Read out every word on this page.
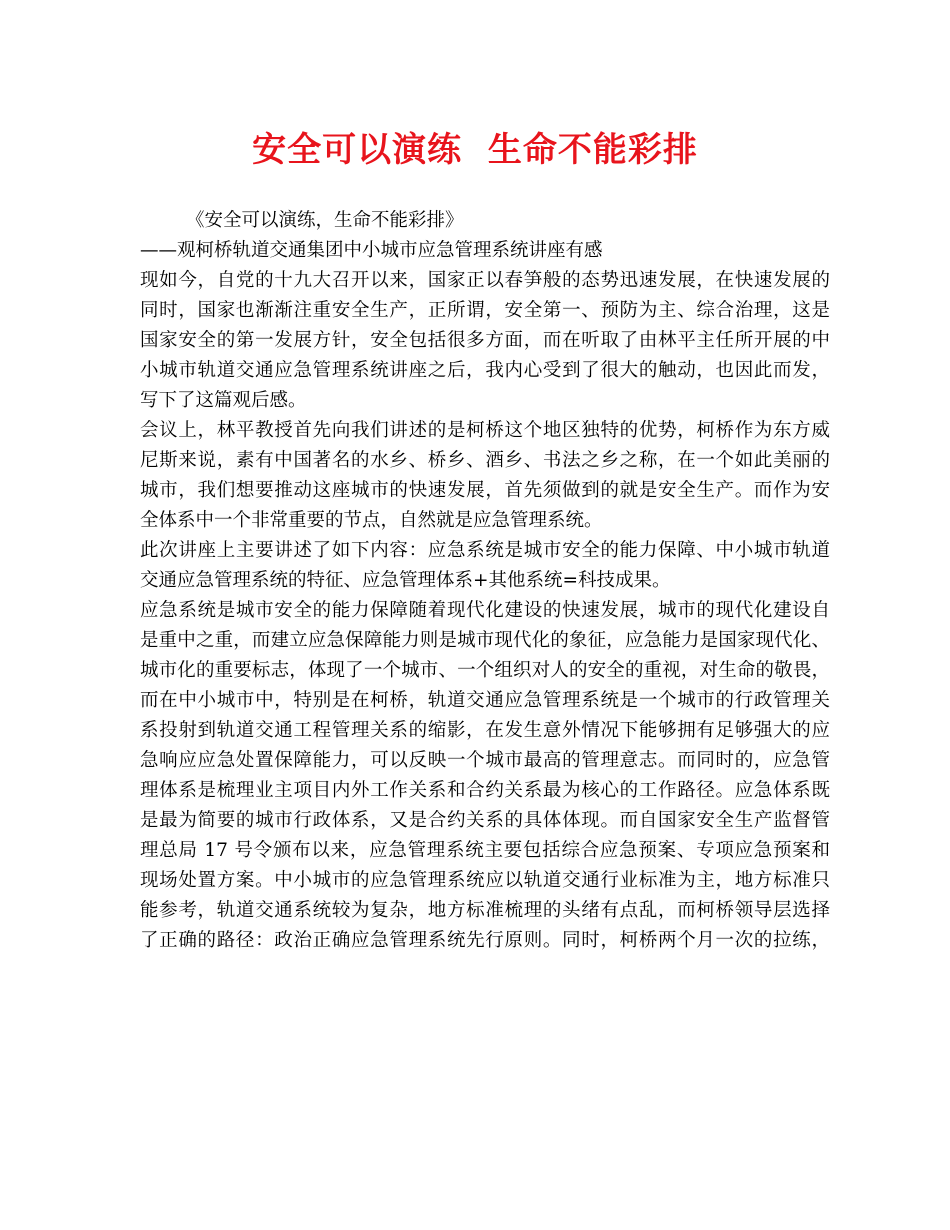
安全可以演练  生命不能彩排
《安全可以演练，生命不能彩排》
——观柯桥轨道交通集团中小城市应急管理系统讲座有感
现如今，自党的十九大召开以来，国家正以春笋般的态势迅速发展，在快速发展的
同时，国家也渐渐注重安全生产，正所谓，安全第一、预防为主、综合治理，这是
国家安全的第一发展方针，安全包括很多方面，而在听取了由林平主任所开展的中
小城市轨道交通应急管理系统讲座之后，我内心受到了很大的触动，也因此而发，
写下了这篇观后感。
会议上，林平教授首先向我们讲述的是柯桥这个地区独特的优势，柯桥作为东方威
尼斯来说，素有中国著名的水乡、桥乡、酒乡、书法之乡之称，在一个如此美丽的
城市，我们想要推动这座城市的快速发展，首先须做到的就是安全生产。而作为安
全体系中一个非常重要的节点，自然就是应急管理系统。
此次讲座上主要讲述了如下内容：应急系统是城市安全的能力保障、中小城市轨道
交通应急管理系统的特征、应急管理体系+其他系统=科技成果。
应急系统是城市安全的能力保障随着现代化建设的快速发展，城市的现代化建设自
是重中之重，而建立应急保障能力则是城市现代化的象征，应急能力是国家现代化、
城市化的重要标志，体现了一个城市、一个组织对人的安全的重视，对生命的敬畏，
而在中小城市中，特别是在柯桥，轨道交通应急管理系统是一个城市的行政管理关
系投射到轨道交通工程管理关系的缩影，在发生意外情况下能够拥有足够强大的应
急响应应急处置保障能力，可以反映一个城市最高的管理意志。而同时的，应急管
理体系是梳理业主项目内外工作关系和合约关系最为核心的工作路径。应急体系既
是最为简要的城市行政体系，又是合约关系的具体体现。而自国家安全生产监督管
理总局 17 号令颁布以来，应急管理系统主要包括综合应急预案、专项应急预案和
现场处置方案。中小城市的应急管理系统应以轨道交通行业标准为主，地方标准只
能参考，轨道交通系统较为复杂，地方标准梳理的头绪有点乱，而柯桥领导层选择
了正确的路径：政治正确应急管理系统先行原则。同时，柯桥两个月一次的拉练，
